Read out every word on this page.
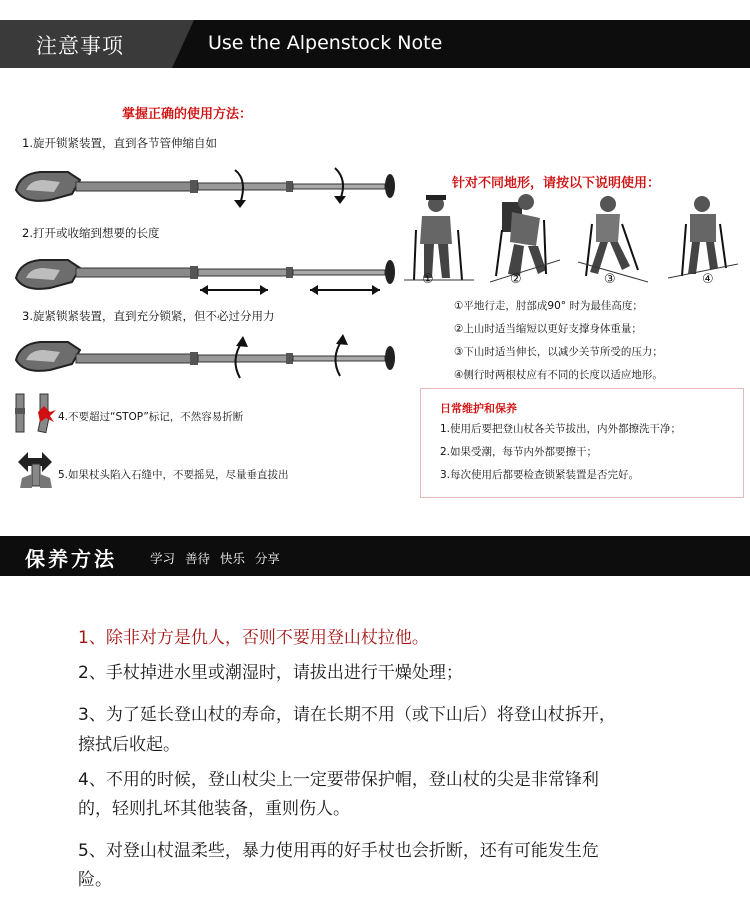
注意事项	Use the Alpenstock Note
掌握正确的使用方法：
1.旋开锁紧装置，直到各节管伸缩自如
2.打开或收缩到想要的长度
3.旋紧锁紧装置，直到充分锁紧，但不必过分用力
4.不要超过“STOP”标记，不然容易折断
5.如果杖头陷入石缝中，不要摇晃，尽量垂直拔出
针对不同地形，请按以下说明使用：
①	②	③	④
①平地行走，肘部成90° 时为最佳高度；
②上山时适当缩短以更好支撑身体重量；
③下山时适当伸长，以减少关节所受的压力；
④侧行时两根杖应有不同的长度以适应地形。
日常维护和保养
1.使用后要把登山杖各关节拔出，内外都擦洗干净；
2.如果受潮，每节内外都要擦干；
3.每次使用后都要检查锁紧装置是否完好。
保养方法	学习 善待 快乐 分享
1、除非对方是仇人，否则不要用登山杖拉他。
2、手杖掉进水里或潮湿时，请拔出进行干燥处理；
3、为了延长登山杖的寿命，请在长期不用（或下山后）将登山杖拆开，
擦拭后收起。
4、不用的时候，登山杖尖上一定要带保护帽，登山杖的尖是非常锋利
的，轻则扎坏其他装备，重则伤人。
5、对登山杖温柔些，暴力使用再的好手杖也会折断，还有可能发生危
险。
